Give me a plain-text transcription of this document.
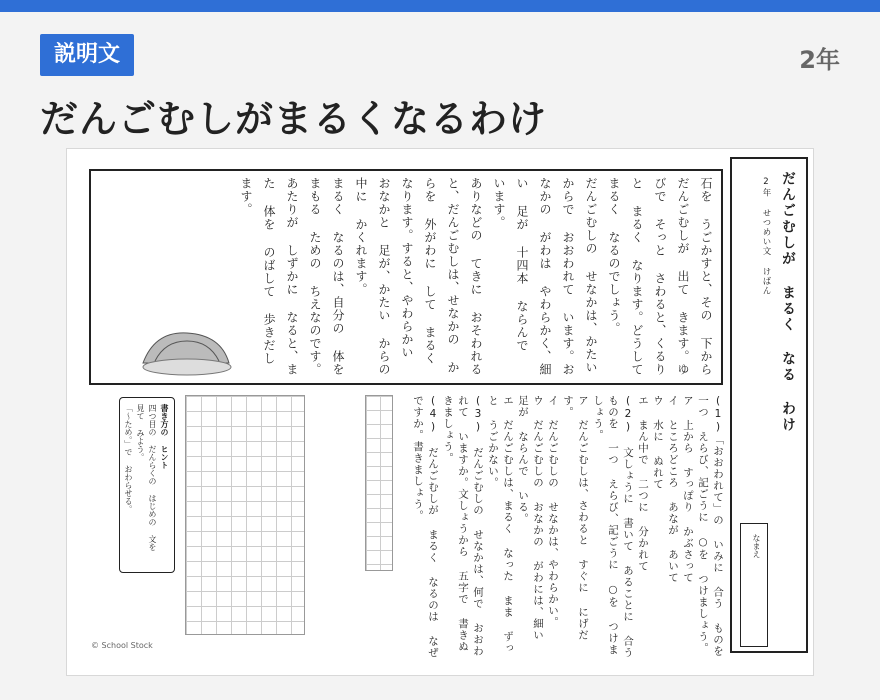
説明文	2年
だんごむしがまるくなるわけ
だんごむしが まるく なる わけ
2年 せつめい文 けばん
なまえ

石を うごかすと、その 下から だんごむしが 出て きます。ゆびで そっと さわると、くるりと まるく なります。どうして まるく なるのでしょう。

だんごむしの せなかは、かたいからで おおわれて います。おなかの がわは やわらかく、細い 足が 十四本 ならんで います。

ありなどの てきに おそわれると、だんごむしは、せなかの からを 外がわに して まるく なります。すると、やわらかい おなかと 足が、かたい からの 中に かくれます。

まるく なるのは、自分の 体を まもる ための ちえなのです。あたりが しずかに なると、また 体を のばして 歩きだします。

(1)「おおわれて」の いみに 合う ものを 一つ えらび、記ごうに ○を つけましょう。

ア 上から すっぽり かぶさって

イ ところどころ あなが あいて

ウ 水に ぬれて

エ まん中で 二つに 分かれて

(2) 文しょうに 書いて あることに 合う ものを 一つ えらび、記ごうに ○を つけましょう。

ア だんごむしは、さわると すぐに にげだす。

イ だんごむしの せなかは、やわらかい。

ウ だんごむしの おなかの がわには、細い 足が ならんで いる。

エ だんごむしは、まるく なった まま ずっと うごかない。

(3) だんごむしの せなかは、何で おおわれて いますか。文しょうから 五字で 書きぬきましょう。

(4) だんごむしが まるく なるのは なぜですか。書きましょう。

書き方の ヒント

四つ目の だんらくの はじめの 文を 見て みよう。

「〜ため。」で おわらせる。

© School Stock
